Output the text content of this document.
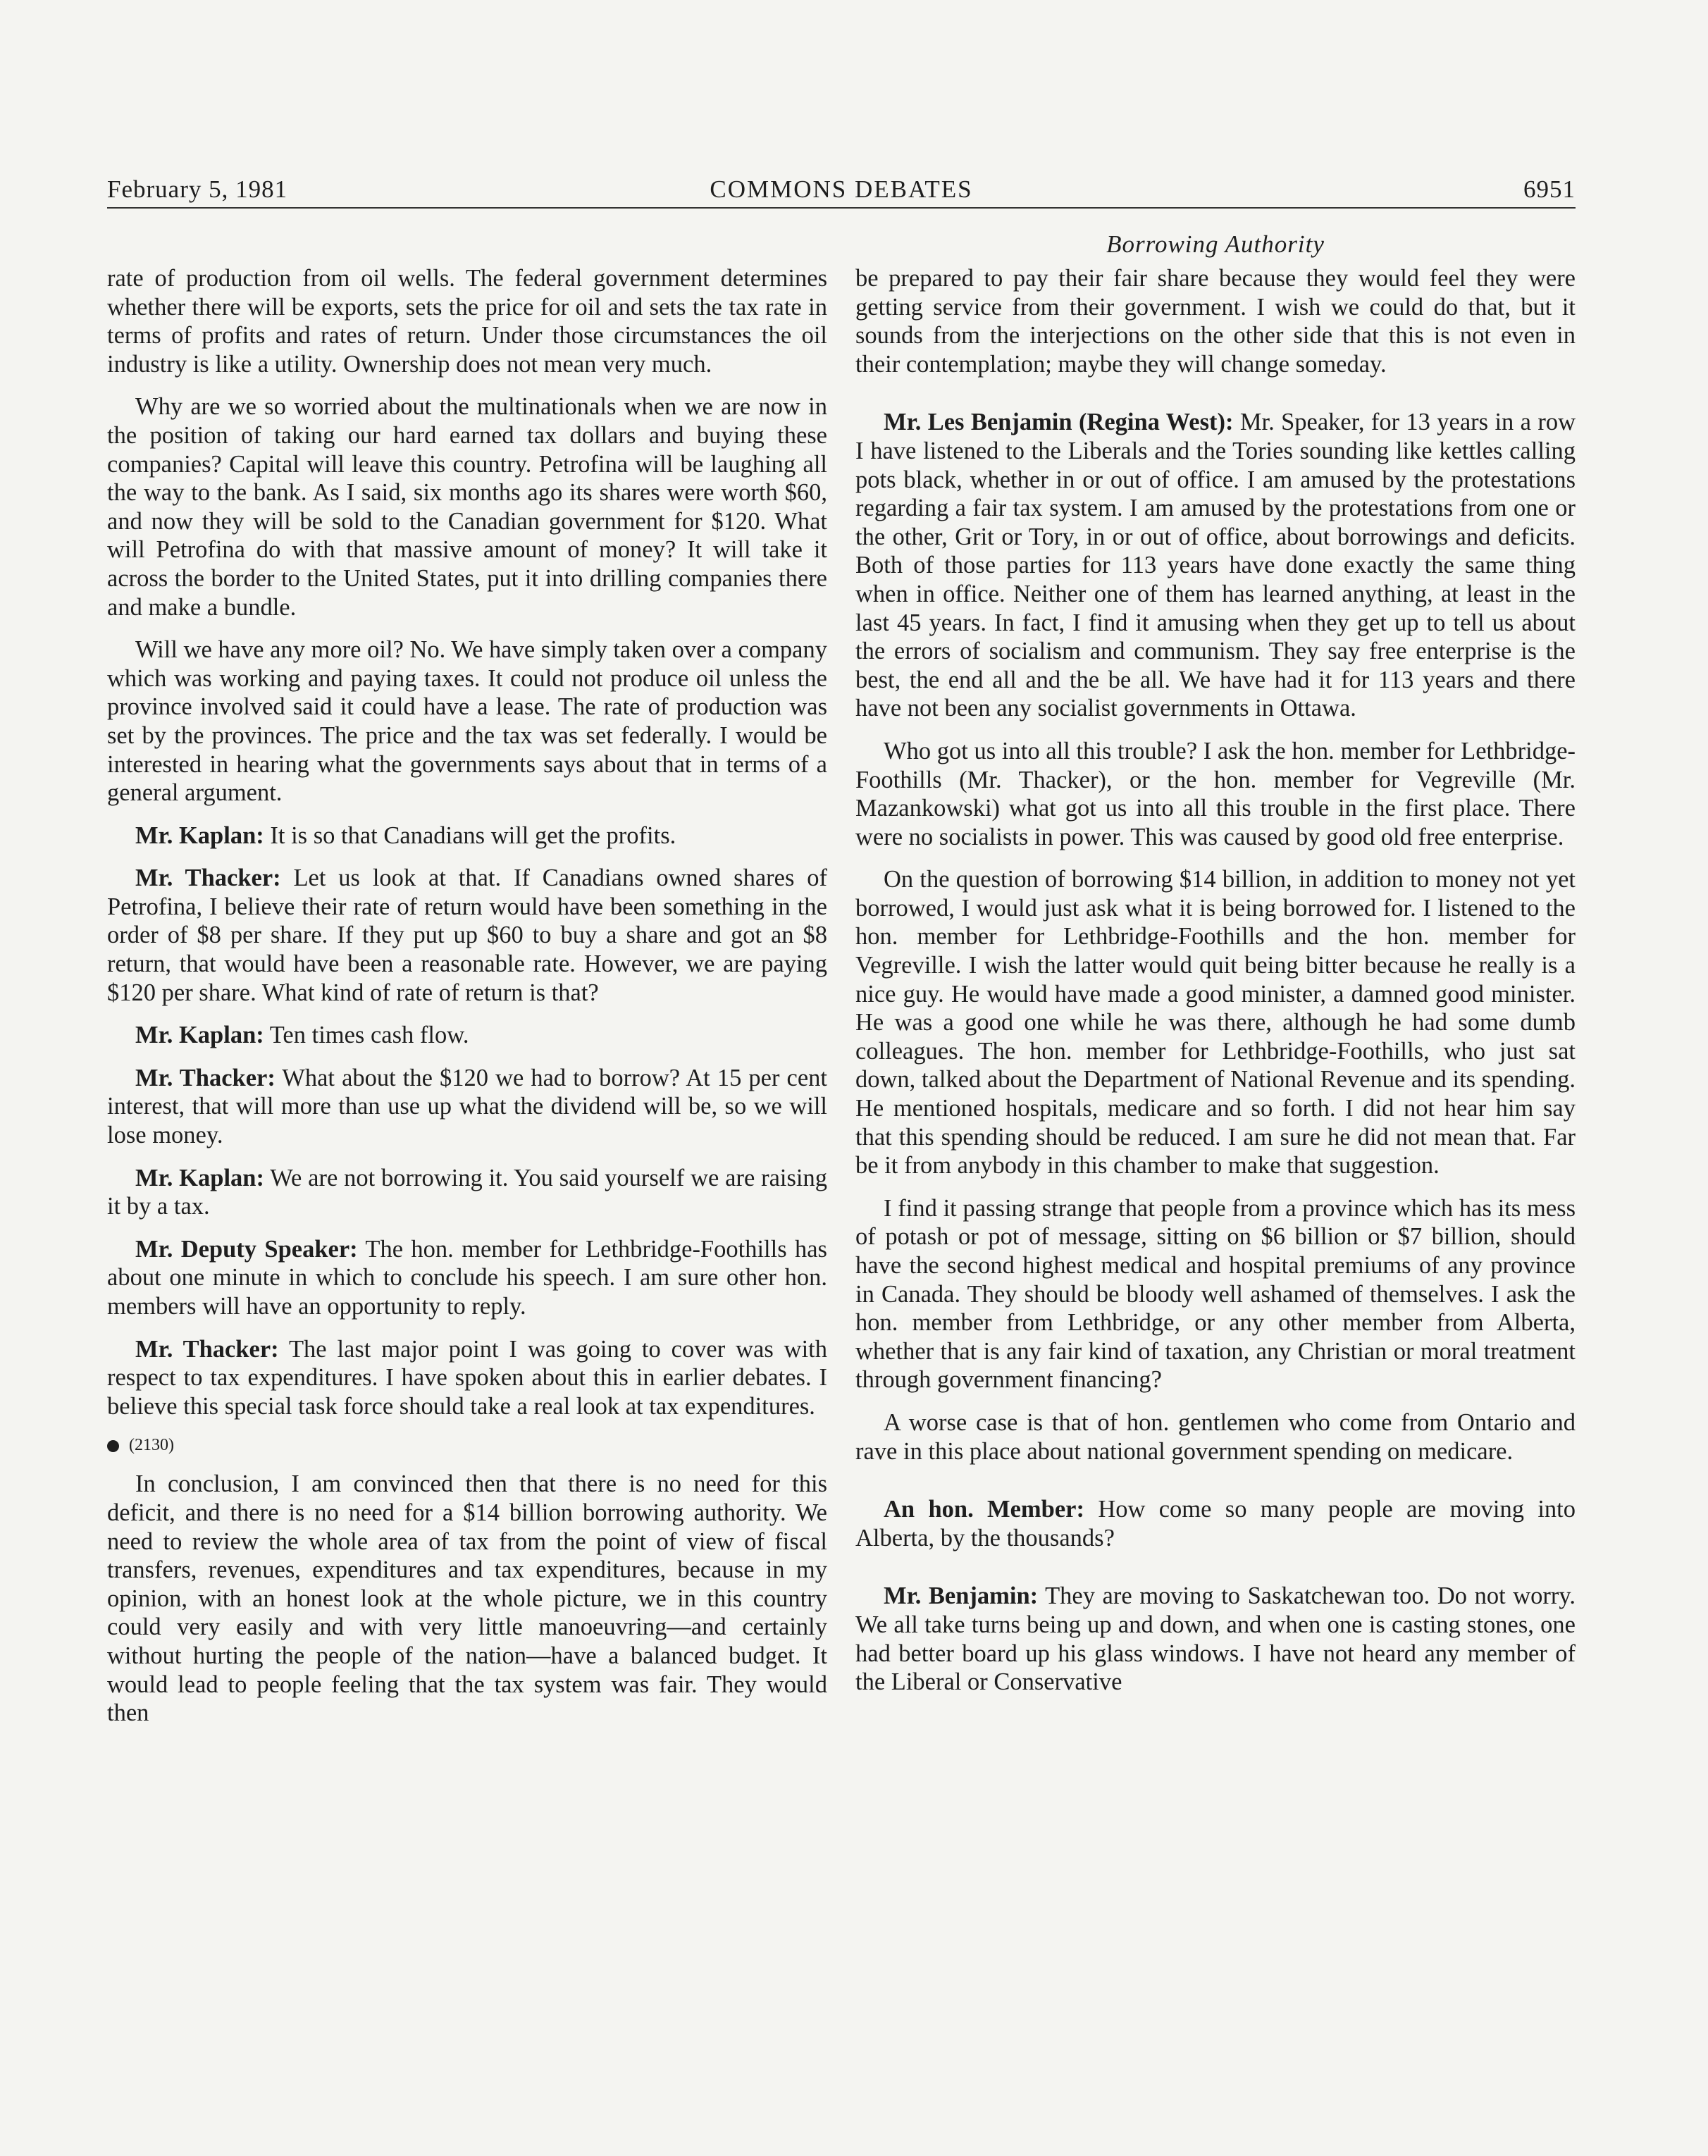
February 5, 1981	COMMONS DEBATES	6951
Borrowing Authority

rate of production from oil wells. The federal government determines whether there will be exports, sets the price for oil and sets the tax rate in terms of profits and rates of return. Under those circumstances the oil industry is like a utility. Ownership does not mean very much.

Why are we so worried about the multinationals when we are now in the position of taking our hard earned tax dollars and buying these companies? Capital will leave this country. Petrofina will be laughing all the way to the bank. As I said, six months ago its shares were worth $60, and now they will be sold to the Canadian government for $120. What will Petrofina do with that massive amount of money? It will take it across the border to the United States, put it into drilling companies there and make a bundle.

Will we have any more oil? No. We have simply taken over a company which was working and paying taxes. It could not produce oil unless the province involved said it could have a lease. The rate of production was set by the provinces. The price and the tax was set federally. I would be interested in hearing what the governments says about that in terms of a general argument.

Mr. Kaplan: It is so that Canadians will get the profits.

Mr. Thacker: Let us look at that. If Canadians owned shares of Petrofina, I believe their rate of return would have been something in the order of $8 per share. If they put up $60 to buy a share and got an $8 return, that would have been a reasonable rate. However, we are paying $120 per share. What kind of rate of return is that?

Mr. Kaplan: Ten times cash flow.

Mr. Thacker: What about the $120 we had to borrow? At 15 per cent interest, that will more than use up what the dividend will be, so we will lose money.

Mr. Kaplan: We are not borrowing it. You said yourself we are raising it by a tax.

Mr. Deputy Speaker: The hon. member for Lethbridge-Foothills has about one minute in which to conclude his speech. I am sure other hon. members will have an opportunity to reply.

Mr. Thacker: The last major point I was going to cover was with respect to tax expenditures. I have spoken about this in earlier debates. I believe this special task force should take a real look at tax expenditures.

(2130)

In conclusion, I am convinced then that there is no need for this deficit, and there is no need for a $14 billion borrowing authority. We need to review the whole area of tax from the point of view of fiscal transfers, revenues, expenditures and tax expenditures, because in my opinion, with an honest look at the whole picture, we in this country could very easily and with very little manoeuvring—and certainly without hurting the people of the nation—have a balanced budget. It would lead to people feeling that the tax system was fair. They would then

be prepared to pay their fair share because they would feel they were getting service from their government. I wish we could do that, but it sounds from the interjections on the other side that this is not even in their contemplation; maybe they will change someday.

Mr. Les Benjamin (Regina West): Mr. Speaker, for 13 years in a row I have listened to the Liberals and the Tories sounding like kettles calling pots black, whether in or out of office. I am amused by the protestations regarding a fair tax system. I am amused by the protestations from one or the other, Grit or Tory, in or out of office, about borrowings and deficits. Both of those parties for 113 years have done exactly the same thing when in office. Neither one of them has learned anything, at least in the last 45 years. In fact, I find it amusing when they get up to tell us about the errors of socialism and communism. They say free enterprise is the best, the end all and the be all. We have had it for 113 years and there have not been any socialist governments in Ottawa.

Who got us into all this trouble? I ask the hon. member for Lethbridge-Foothills (Mr. Thacker), or the hon. member for Vegreville (Mr. Mazankowski) what got us into all this trouble in the first place. There were no socialists in power. This was caused by good old free enterprise.

On the question of borrowing $14 billion, in addition to money not yet borrowed, I would just ask what it is being borrowed for. I listened to the hon. member for Lethbridge-Foothills and the hon. member for Vegreville. I wish the latter would quit being bitter because he really is a nice guy. He would have made a good minister, a damned good minister. He was a good one while he was there, although he had some dumb colleagues. The hon. member for Lethbridge-Foothills, who just sat down, talked about the Department of National Revenue and its spending. He mentioned hospitals, medicare and so forth. I did not hear him say that this spending should be reduced. I am sure he did not mean that. Far be it from anybody in this chamber to make that suggestion.

I find it passing strange that people from a province which has its mess of potash or pot of message, sitting on $6 billion or $7 billion, should have the second highest medical and hospital premiums of any province in Canada. They should be bloody well ashamed of themselves. I ask the hon. member from Lethbridge, or any other member from Alberta, whether that is any fair kind of taxation, any Christian or moral treatment through government financing?

A worse case is that of hon. gentlemen who come from Ontario and rave in this place about national government spending on medicare.

An hon. Member: How come so many people are moving into Alberta, by the thousands?

Mr. Benjamin: They are moving to Saskatchewan too. Do not worry. We all take turns being up and down, and when one is casting stones, one had better board up his glass windows. I have not heard any member of the Liberal or Conservative
